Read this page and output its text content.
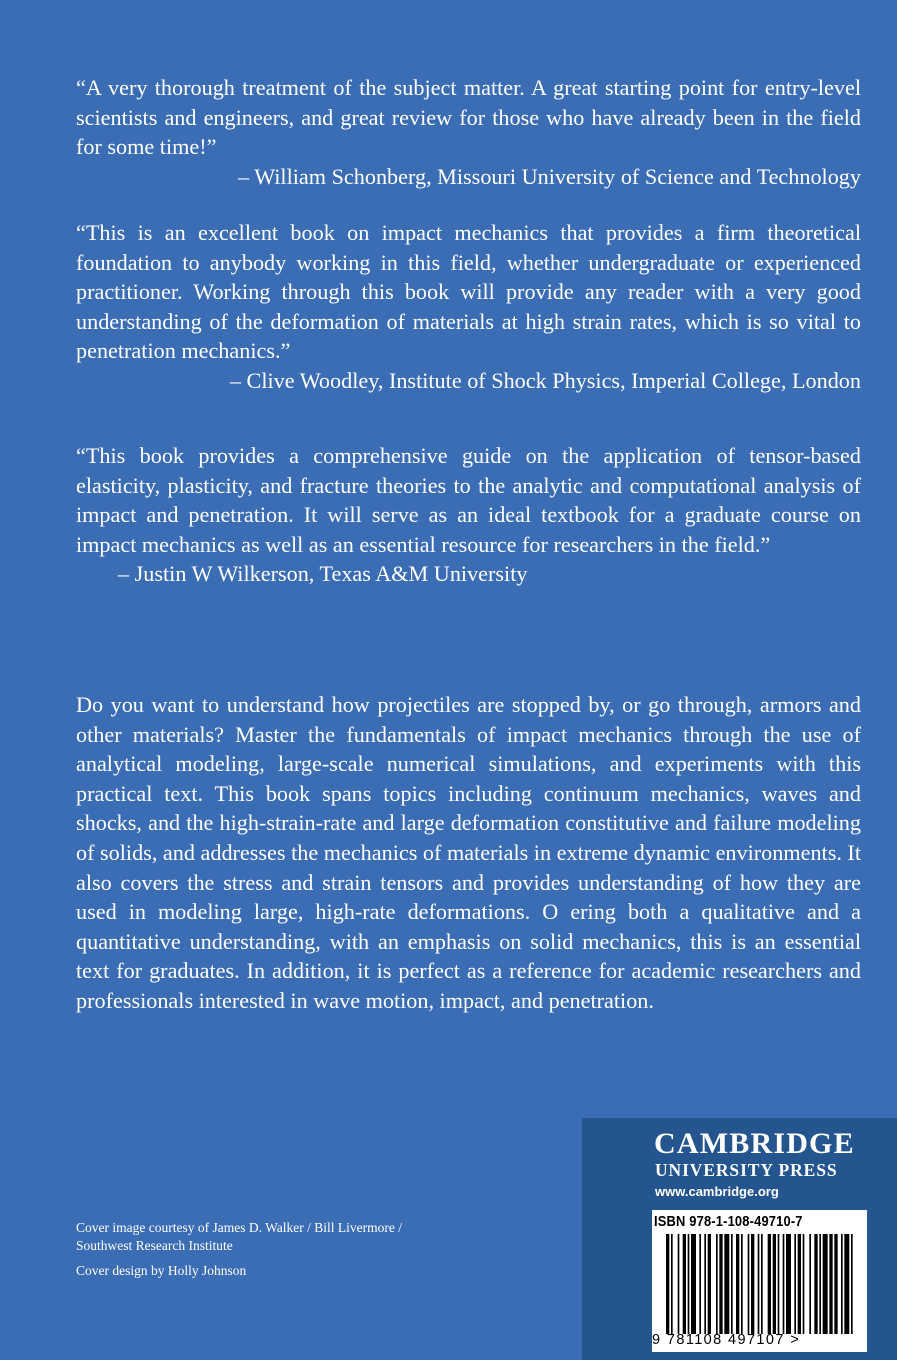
“A very thorough treatment of the subject matter. A great starting point for entry-level scientists and engineers, and great review for those who have already been in the field for some time!”

– William Schonberg, Missouri University of Science and Technology

“This is an excellent book on impact mechanics that provides a firm theoretical foundation to anybody working in this field, whether undergraduate or experienced practitioner. Working through this book will provide any reader with a very good understanding of the deformation of materials at high strain rates, which is so vital to penetration mechanics.”

– Clive Woodley, Institute of Shock Physics, Imperial College, London

“This book provides a comprehensive guide on the application of tensor-based elasticity, plasticity, and fracture theories to the analytic and computational analysis of impact and penetration. It will serve as an ideal textbook for a graduate course on impact mechanics as well as an essential resource for researchers in the field.”

– Justin W Wilkerson, Texas A&M University

Do you want to understand how projectiles are stopped by, or go through, armors and other materials? Master the fundamentals of impact mechanics through the use of analytical modeling, large-scale numerical simulations, and experiments with this practical text. This book spans topics including continuum mechanics, waves and shocks, and the high-strain-rate and large deformation constitutive and failure modeling of solids, and addresses the mechanics of materials in extreme dynamic environments. It also covers the stress and strain tensors and provides understanding of how they are used in modeling large, high-rate deformations. O ering both a qualitative and a quantitative understanding, with an emphasis on solid mechanics, this is an essential text for graduates. In addition, it is perfect as a reference for academic researchers and professionals interested in wave motion, impact, and penetration.

Cover image courtesy of James D. Walker / Bill Livermore /

Southwest Research Institute

Cover design by Holly Johnson

CAMBRIDGE
UNIVERSITY PRESS
www.cambridge.org
ISBN 978-1-108-49710-7
9 781108 497107 >
